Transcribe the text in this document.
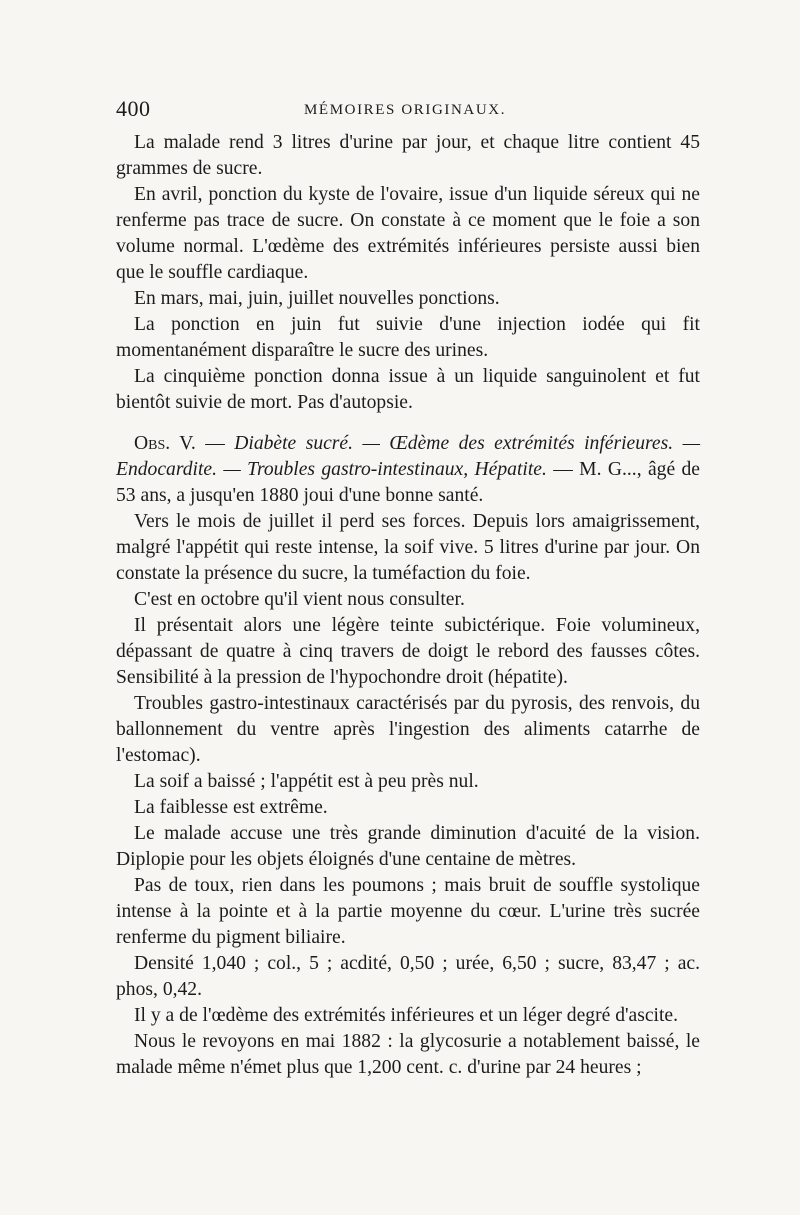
400	MÉMOIRES ORIGINAUX.

La malade rend 3 litres d'urine par jour, et chaque litre contient 45 grammes de sucre.

En avril, ponction du kyste de l'ovaire, issue d'un liquide séreux qui ne renferme pas trace de sucre. On constate à ce moment que le foie a son volume normal. L'œdème des extrémités inférieures persiste aussi bien que le souffle cardiaque.

En mars, mai, juin, juillet nouvelles ponctions.

La ponction en juin fut suivie d'une injection iodée qui fit momentanément disparaître le sucre des urines.

La cinquième ponction donna issue à un liquide sanguinolent et fut bientôt suivie de mort. Pas d'autopsie.

Obs. V. — Diabète sucré. — Œdème des extrémités inférieures. — Endocardite. — Troubles gastro-intestinaux, Hépatite. — M. G..., âgé de 53 ans, a jusqu'en 1880 joui d'une bonne santé.

Vers le mois de juillet il perd ses forces. Depuis lors amaigrissement, malgré l'appétit qui reste intense, la soif vive. 5 litres d'urine par jour. On constate la présence du sucre, la tuméfaction du foie.

C'est en octobre qu'il vient nous consulter.

Il présentait alors une légère teinte subictérique. Foie volumineux, dépassant de quatre à cinq travers de doigt le rebord des fausses côtes. Sensibilité à la pression de l'hypochondre droit (hépatite).

Troubles gastro-intestinaux caractérisés par du pyrosis, des renvois, du ballonnement du ventre après l'ingestion des aliments catarrhe de l'estomac).

La soif a baissé ; l'appétit est à peu près nul.

La faiblesse est extrême.

Le malade accuse une très grande diminution d'acuité de la vision. Diplopie pour les objets éloignés d'une centaine de mètres.

Pas de toux, rien dans les poumons ; mais bruit de souffle systolique intense à la pointe et à la partie moyenne du cœur. L'urine très sucrée renferme du pigment biliaire.

Densité 1,040 ; col., 5 ; acdité, 0,50 ; urée, 6,50 ; sucre, 83,47 ; ac. phos, 0,42.

Il y a de l'œdème des extrémités inférieures et un léger degré d'ascite.

Nous le revoyons en mai 1882 : la glycosurie a notablement baissé, le malade même n'émet plus que 1,200 cent. c. d'urine par 24 heures ;
